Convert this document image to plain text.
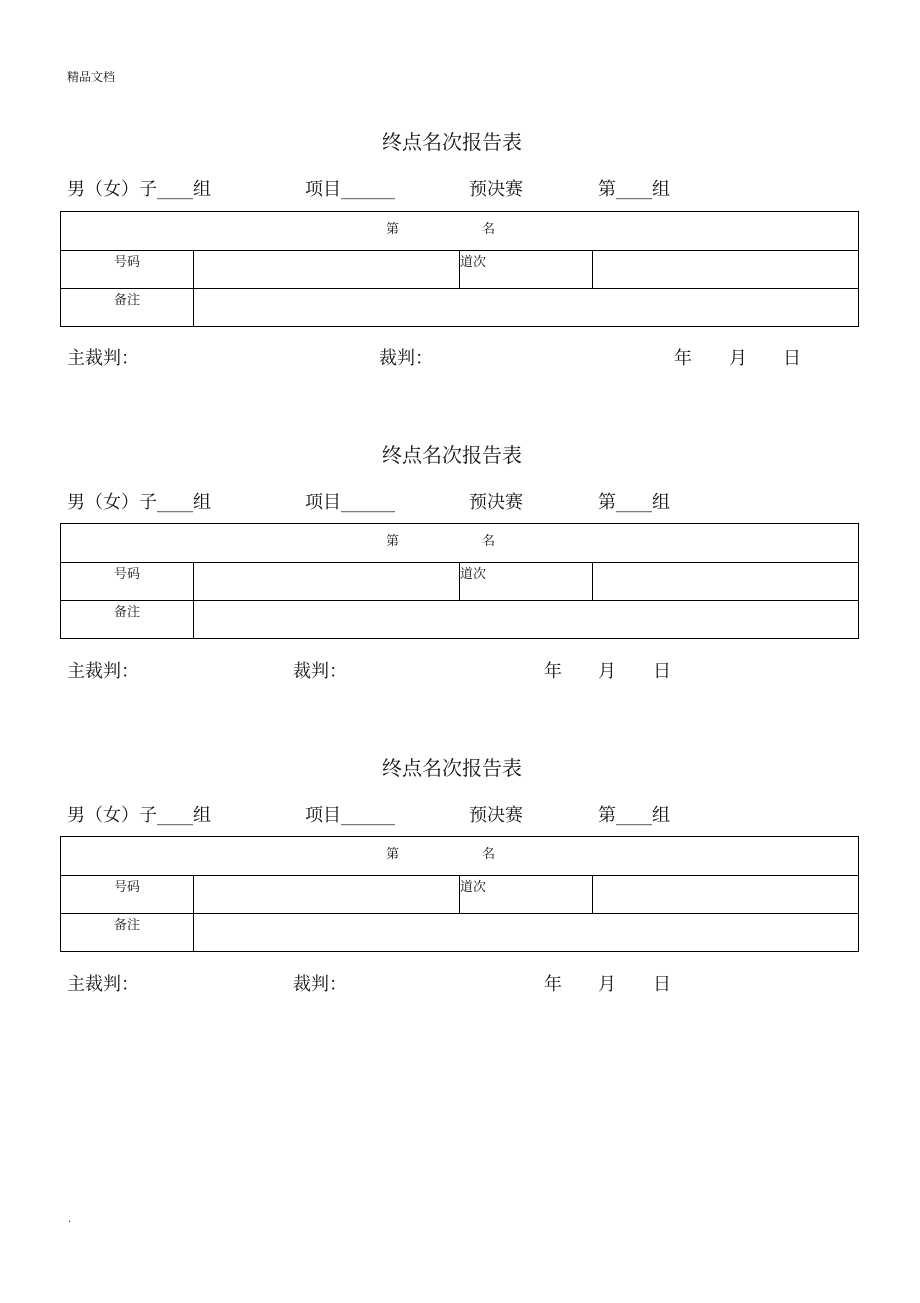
精品文档
终点名次报告表
男（女）子____组	项目______	预决赛	第____组
第 名			

号码		道次	
备注			
主裁判：	裁判：	年 月 日
终点名次报告表
男（女）子____组	项目______	预决赛	第____组
第 名			

号码		道次	
备注			
主裁判：	裁判：	年 月 日
终点名次报告表
男（女）子____组	项目______	预决赛	第____组
第 名			

号码		道次	
备注			
主裁判：	裁判：	年 月 日
.
